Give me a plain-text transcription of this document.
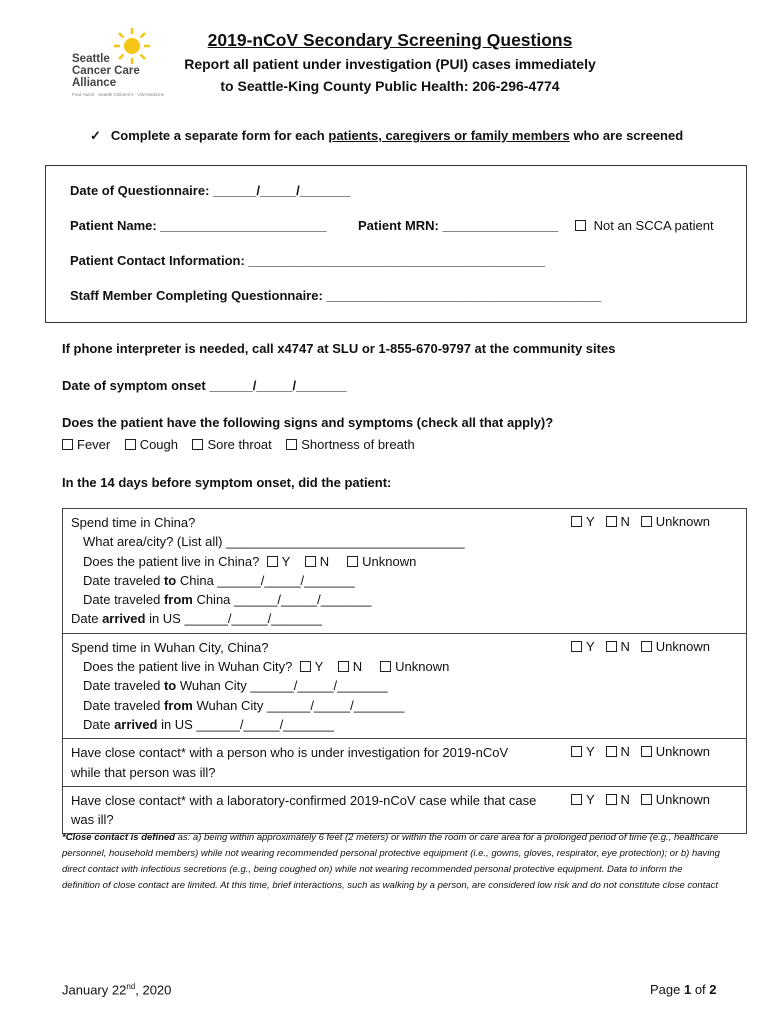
Seattle
Cancer Care
Alliance
Fred Hutch · Seattle Children's · UW Medicine
2019-nCoV Secondary Screening Questions
Report all patient under investigation (PUI) cases immediately
to Seattle-King County Public Health: 206-296-4774
✓ Complete a separate form for each patients, caregivers or family members who are screened
Date of Questionnaire: ______/_____/_______
Patient Name: _______________________ Patient MRN: ________________	Not an SCCA patient
Patient Contact Information: _________________________________________
Staff Member Completing Questionnaire: ______________________________________
If phone interpreter is needed, call x4747 at SLU or 1-855-670-9797 at the community sites
Date of symptom onset ______/_____/_______
Does the patient have the following signs and symptoms (check all that apply)?
Fever Cough Sore throat Shortness of breath
In the 14 days before symptom onset, did the patient:
Spend time in China?
What area/city? (List all) _________________________________
Does the patient live in China? Y N	Unknown
Date traveled to China ______/_____/_______
Date traveled from China ______/_____/_______
Date arrived in US ______/_____/_______
Y N Unknown
Spend time in Wuhan City, China?
Does the patient live in Wuhan City? Y N	Unknown
Date traveled to Wuhan City ______/_____/_______
Date traveled from Wuhan City ______/_____/_______
Date arrived in US ______/_____/_______
Y N Unknown
Have close contact* with a person who is under investigation for 2019-nCoV while that person was ill?
Y N Unknown
Have close contact* with a laboratory-confirmed 2019-nCoV case while that case was ill?
Y N Unknown
*Close contact is defined as: a) being within approximately 6 feet (2 meters) or within the room or care area for a prolonged period of time (e.g., healthcare personnel, household members) while not wearing recommended personal protective equipment (i.e., gowns, gloves, respirator, eye protection); or b) having direct contact with infectious secretions (e.g., being coughed on) while not wearing recommended personal protective equipment. Data to inform the definition of close contact are limited. At this time, brief interactions, such as walking by a person, are considered low risk and do not constitute close contact
January 22nd, 2020	Page 1 of 2
